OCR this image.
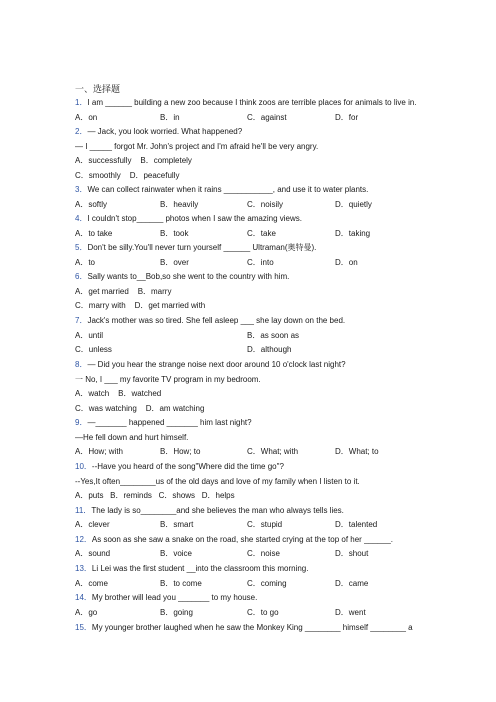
一、选择题
1．I am ______ building a new zoo because I think zoos are terrible places for animals to live in.
A．on	B．in	C．against	D．for
2．— Jack, you look worried. What happened?
— I _____ forgot Mr. John's project and I'm afraid he'll be very angry.
A．successfully B．completely
C．smoothly D．peacefully
3．We can collect rainwater when it rains ___________, and use it to water plants.
A．softly	B．heavily	C．noisily	D．quietly
4．I couldn't stop______ photos when I saw the amazing views.
A．to take	B．took	C．take	D．taking
5．Don't be silly.You'll never turn yourself ______ Ultraman(奥特曼).
A．to	B．over	C．into	D．on
6．Sally wants to__Bob,so she went to the country with him.
A．get married B．marry
C．marry with D．get married with
7．Jack's mother was so tired. She fell asleep ___ she lay down on the bed.
A．until	B．as soon as
C．unless	D．although
8．— Did you hear the strange noise next door around 10 o'clock last night?
一 No, I ___ my favorite TV program in my bedroom.
A．watch B．watched
C．was watching D．am watching
9．—_______ happened _______ him last night?
—He fell down and hurt himself.
A．How; with	B．How; to	C．What; with	D．What; to
10．--Have you heard of the song"Where did the time go"?
--Yes,It often________us of the old days and love of my family when I listen to it.
A．puts B．reminds C．shows D．helps
11．The lady is so________and she believes the man who always tells lies.
A．clever	B．smart	C．stupid	D．talented
12．As soon as she saw a snake on the road, she started crying at the top of her ______.
A．sound	B．voice	C．noise	D．shout
13．Li Lei was the first student __into the classroom this morning.
A．come	B．to come	C．coming	D．came
14．My brother will lead you _______ to my house.
A．go	B．going	C．to go	D．went
15．My younger brother laughed when he saw the Monkey King ________ himself ________ a
